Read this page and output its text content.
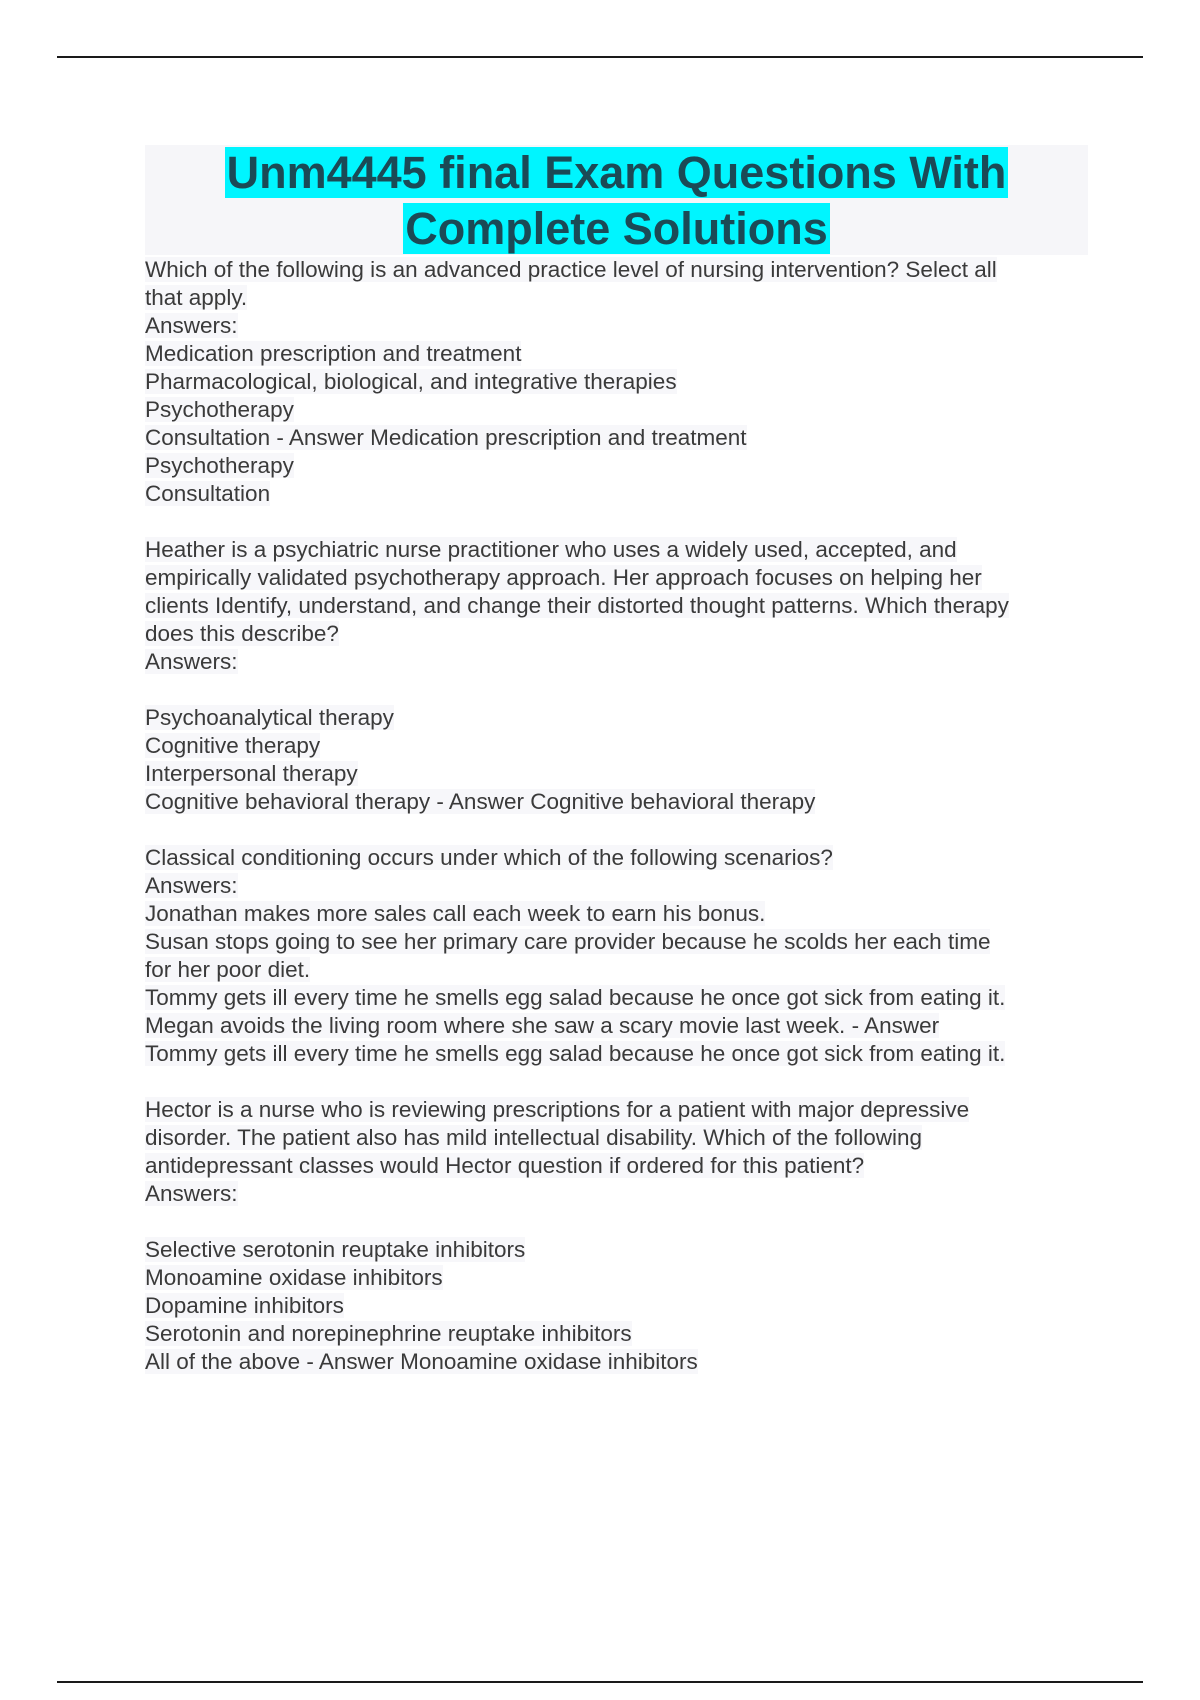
Unm4445 final Exam Questions With
Complete Solutions
Which of the following is an advanced practice level of nursing intervention? Select all
that apply.
Answers:
Medication prescription and treatment
Pharmacological, biological, and integrative therapies
Psychotherapy
Consultation - Answer Medication prescription and treatment
Psychotherapy
Consultation
Heather is a psychiatric nurse practitioner who uses a widely used, accepted, and
empirically validated psychotherapy approach. Her approach focuses on helping her
clients Identify, understand, and change their distorted thought patterns. Which therapy
does this describe?
Answers:
Psychoanalytical therapy
Cognitive therapy
Interpersonal therapy
Cognitive behavioral therapy - Answer Cognitive behavioral therapy
Classical conditioning occurs under which of the following scenarios?
Answers:
Jonathan makes more sales call each week to earn his bonus.
Susan stops going to see her primary care provider because he scolds her each time
for her poor diet.
Tommy gets ill every time he smells egg salad because he once got sick from eating it.
Megan avoids the living room where she saw a scary movie last week. - Answer
Tommy gets ill every time he smells egg salad because he once got sick from eating it.
Hector is a nurse who is reviewing prescriptions for a patient with major depressive
disorder. The patient also has mild intellectual disability. Which of the following
antidepressant classes would Hector question if ordered for this patient?
Answers:
Selective serotonin reuptake inhibitors
Monoamine oxidase inhibitors
Dopamine inhibitors
Serotonin and norepinephrine reuptake inhibitors
All of the above - Answer Monoamine oxidase inhibitors
